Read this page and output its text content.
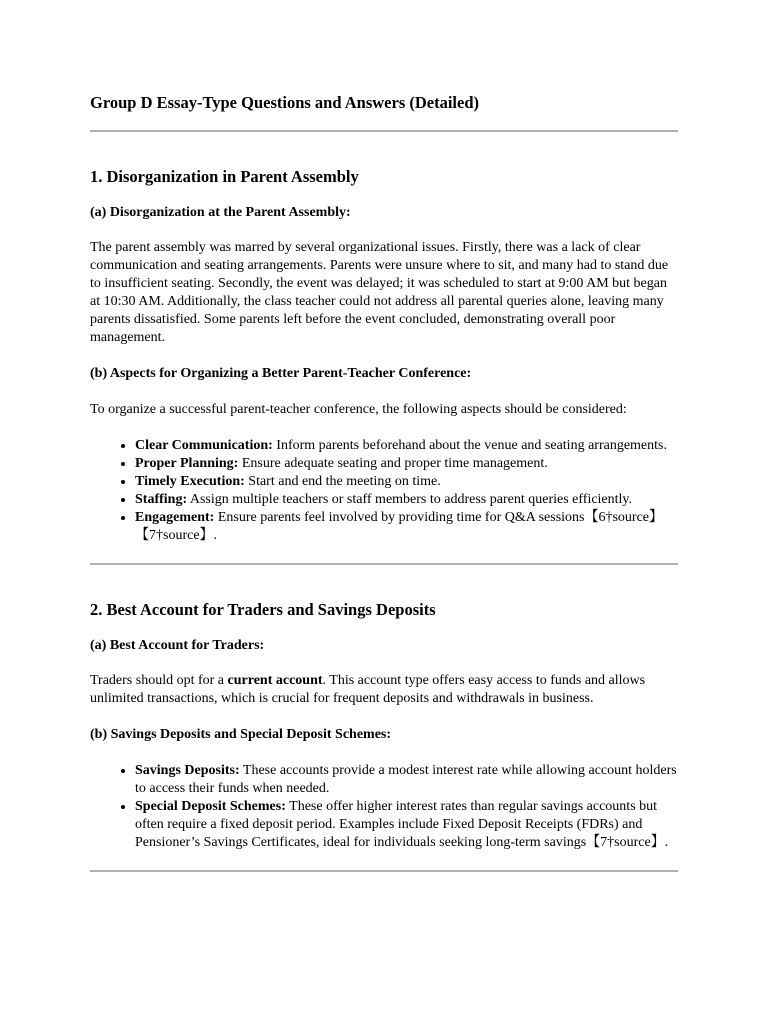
Group D Essay-Type Questions and Answers (Detailed)
1. Disorganization in Parent Assembly
(a) Disorganization at the Parent Assembly:

The parent assembly was marred by several organizational issues. Firstly, there was a lack of clear communication and seating arrangements. Parents were unsure where to sit, and many had to stand due to insufficient seating. Secondly, the event was delayed; it was scheduled to start at 9:00 AM but began at 10:30 AM. Additionally, the class teacher could not address all parental queries alone, leaving many parents dissatisfied. Some parents left before the event concluded, demonstrating overall poor management.

(b) Aspects for Organizing a Better Parent-Teacher Conference:

To organize a successful parent-teacher conference, the following aspects should be considered:

• Clear Communication: Inform parents beforehand about the venue and seating arrangements.
• Proper Planning: Ensure adequate seating and proper time management.
• Timely Execution: Start and end the meeting on time.
• Staffing: Assign multiple teachers or staff members to address parent queries efficiently.
• Engagement: Ensure parents feel involved by providing time for Q&A sessions【6†source】【7†source】.
2. Best Account for Traders and Savings Deposits
(a) Best Account for Traders:

Traders should opt for a current account. This account type offers easy access to funds and allows unlimited transactions, which is crucial for frequent deposits and withdrawals in business.

(b) Savings Deposits and Special Deposit Schemes:
• Savings Deposits: These accounts provide a modest interest rate while allowing account holders to access their funds when needed.
• Special Deposit Schemes: These offer higher interest rates than regular savings accounts but often require a fixed deposit period. Examples include Fixed Deposit Receipts (FDRs) and Pensioner’s Savings Certificates, ideal for individuals seeking long-term savings【7†source】.
